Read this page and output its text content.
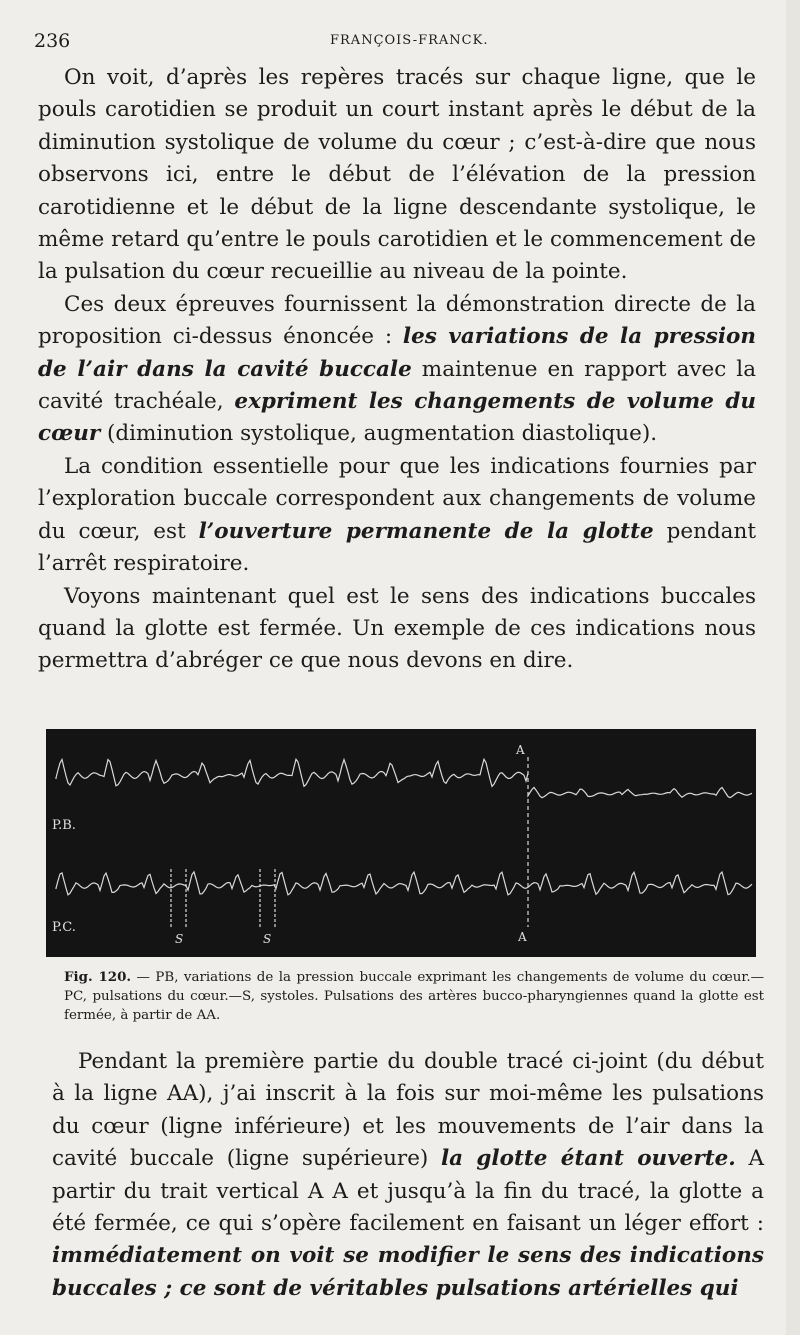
236	FRANÇOIS-FRANCK.

On voit, d’après les repères tracés sur chaque ligne, que le pouls carotidien se produit un court instant après le début de la diminution systolique de volume du cœur ; c’est-à-dire que nous observons ici, entre le début de l’élévation de la pression carotidienne et le début de la ligne descendante systolique, le même retard qu’entre le pouls carotidien et le commencement de la pulsation du cœur recueillie au niveau de la pointe.

Ces deux épreuves fournissent la démonstration directe de la proposition ci-dessus énoncée : les variations de la pression de l’air dans la cavité buccale maintenue en rapport avec la cavité trachéale, expriment les changements de volume du cœur (diminution systolique, augmentation diastolique).

La condition essentielle pour que les indications fournies par l’exploration buccale correspondent aux changements de volume du cœur, est l’ouverture permanente de la glotte pendant l’arrêt respiratoire.

Voyons maintenant quel est le sens des indications buccales quand la glotte est fermée. Un exemple de ces indications nous permettra d’abréger ce que nous devons en dire.

P.B.
P.C.
A
A
S	S
Fig. 120. — PB, variations de la pression buccale exprimant les changements de volume du cœur.—PC, pulsations du cœur.—S, systoles. Pulsations des artères bucco-pharyngiennes quand la glotte est fermée, à partir de AA.

Pendant la première partie du double tracé ci-joint (du début à la ligne AA), j’ai inscrit à la fois sur moi-même les pulsations du cœur (ligne inférieure) et les mouvements de l’air dans la cavité buccale (ligne supérieure) la glotte étant ouverte. A partir du trait vertical A A et jusqu’à la fin du tracé, la glotte a été fermée, ce qui s’opère facilement en faisant un léger effort : immédiatement on voit se modifier le sens des indications buccales ; ce sont de véritables pulsations artérielles qui
